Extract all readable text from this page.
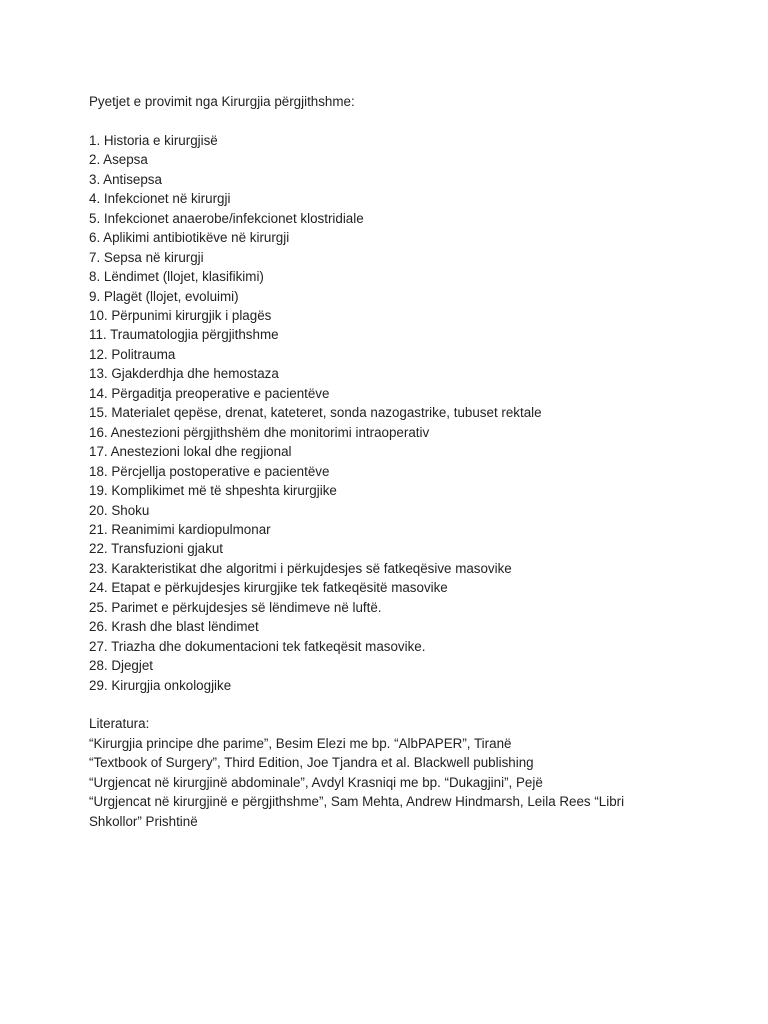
Pyetjet e provimit nga Kirurgjia përgjithshme:
1. Historia e kirurgjisë
2. Asepsa
3. Antisepsa
4. Infekcionet në kirurgji
5. Infekcionet anaerobe/infekcionet klostridiale
6. Aplikimi antibiotikëve në kirurgji
7. Sepsa në kirurgji
8. Lëndimet (llojet, klasifikimi)
9. Plagët (llojet, evoluimi)
10. Përpunimi kirurgjik i plagës
11. Traumatologjia përgjithshme
12. Politrauma
13. Gjakderdhja dhe hemostaza
14. Përgaditja preoperative e pacientëve
15. Materialet qepëse, drenat, kateteret, sonda nazogastrike, tubuset rektale
16. Anestezioni përgjithshëm dhe monitorimi intraoperativ
17. Anestezioni lokal dhe regjional
18. Përcjellja postoperative e pacientëve
19. Komplikimet më të shpeshta kirurgjike
20. Shoku
21. Reanimimi kardiopulmonar
22. Transfuzioni gjakut
23. Karakteristikat dhe algoritmi i përkujdesjes së fatkeqësive masovike
24. Etapat e përkujdesjes kirurgjike tek fatkeqësitë masovike
25. Parimet e përkujdesjes së lëndimeve në luftë.
26. Krash dhe blast lëndimet
27. Triazha dhe dokumentacioni tek fatkeqësit masovike.
28. Djegjet
29. Kirurgjia onkologjike
Literatura:
“Kirurgjia principe dhe parime”, Besim Elezi me bp. “AlbPAPER”, Tiranë
“Textbook of Surgery”, Third Edition, Joe Tjandra et al. Blackwell publishing
“Urgjencat në kirurgjinë abdominale”, Avdyl Krasniqi me bp. “Dukagjini”, Pejë
“Urgjencat në kirurgjinë e përgjithshme”, Sam Mehta, Andrew Hindmarsh, Leila Rees “Libri Shkollor” Prishtinë
